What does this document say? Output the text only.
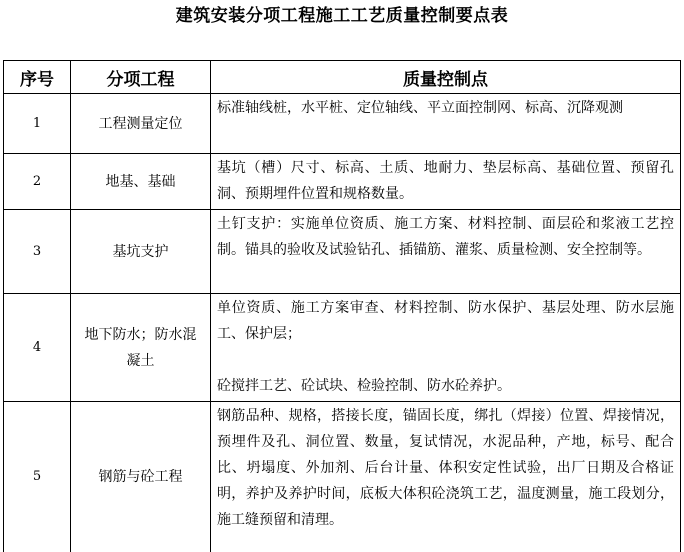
建筑安装分项工程施工工艺质量控制要点表
序号	分项工程	质量控制点
1	工程测量定位	标准轴线桩，水平桩、定位轴线、平立面控制网、标高、沉降观测

2	地基、基础	基坑（槽）尺寸、标高、土质、地耐力、垫层标高、基础位置、预留孔洞、预期埋件位置和规格数量。

3	基坑支护	土钉支护：实施单位资质、施工方案、材料控制、面层砼和浆液工艺控制。锚具的验收及试验钻孔、插锚筋、灌浆、质量检测、安全控制等。

4	地下防水；防水混凝土	单位资质、施工方案审查、材料控制、防水保护、基层处理、防水层施工、保护层；

砼搅拌工艺、砼试块、检验控制、防水砼养护。

5	钢筋与砼工程	钢筋品种、规格，搭接长度，锚固长度，绑扎（焊接）位置、焊接情况，预埋件及孔、洞位置、数量，复试情况，水泥品种，产地，标号、配合比、坍塌度、外加剂、后台计量、体积安定性试验，出厂日期及合格证明，养护及养护时间，底板大体积砼浇筑工艺，温度测量，施工段划分，施工缝预留和清理。
